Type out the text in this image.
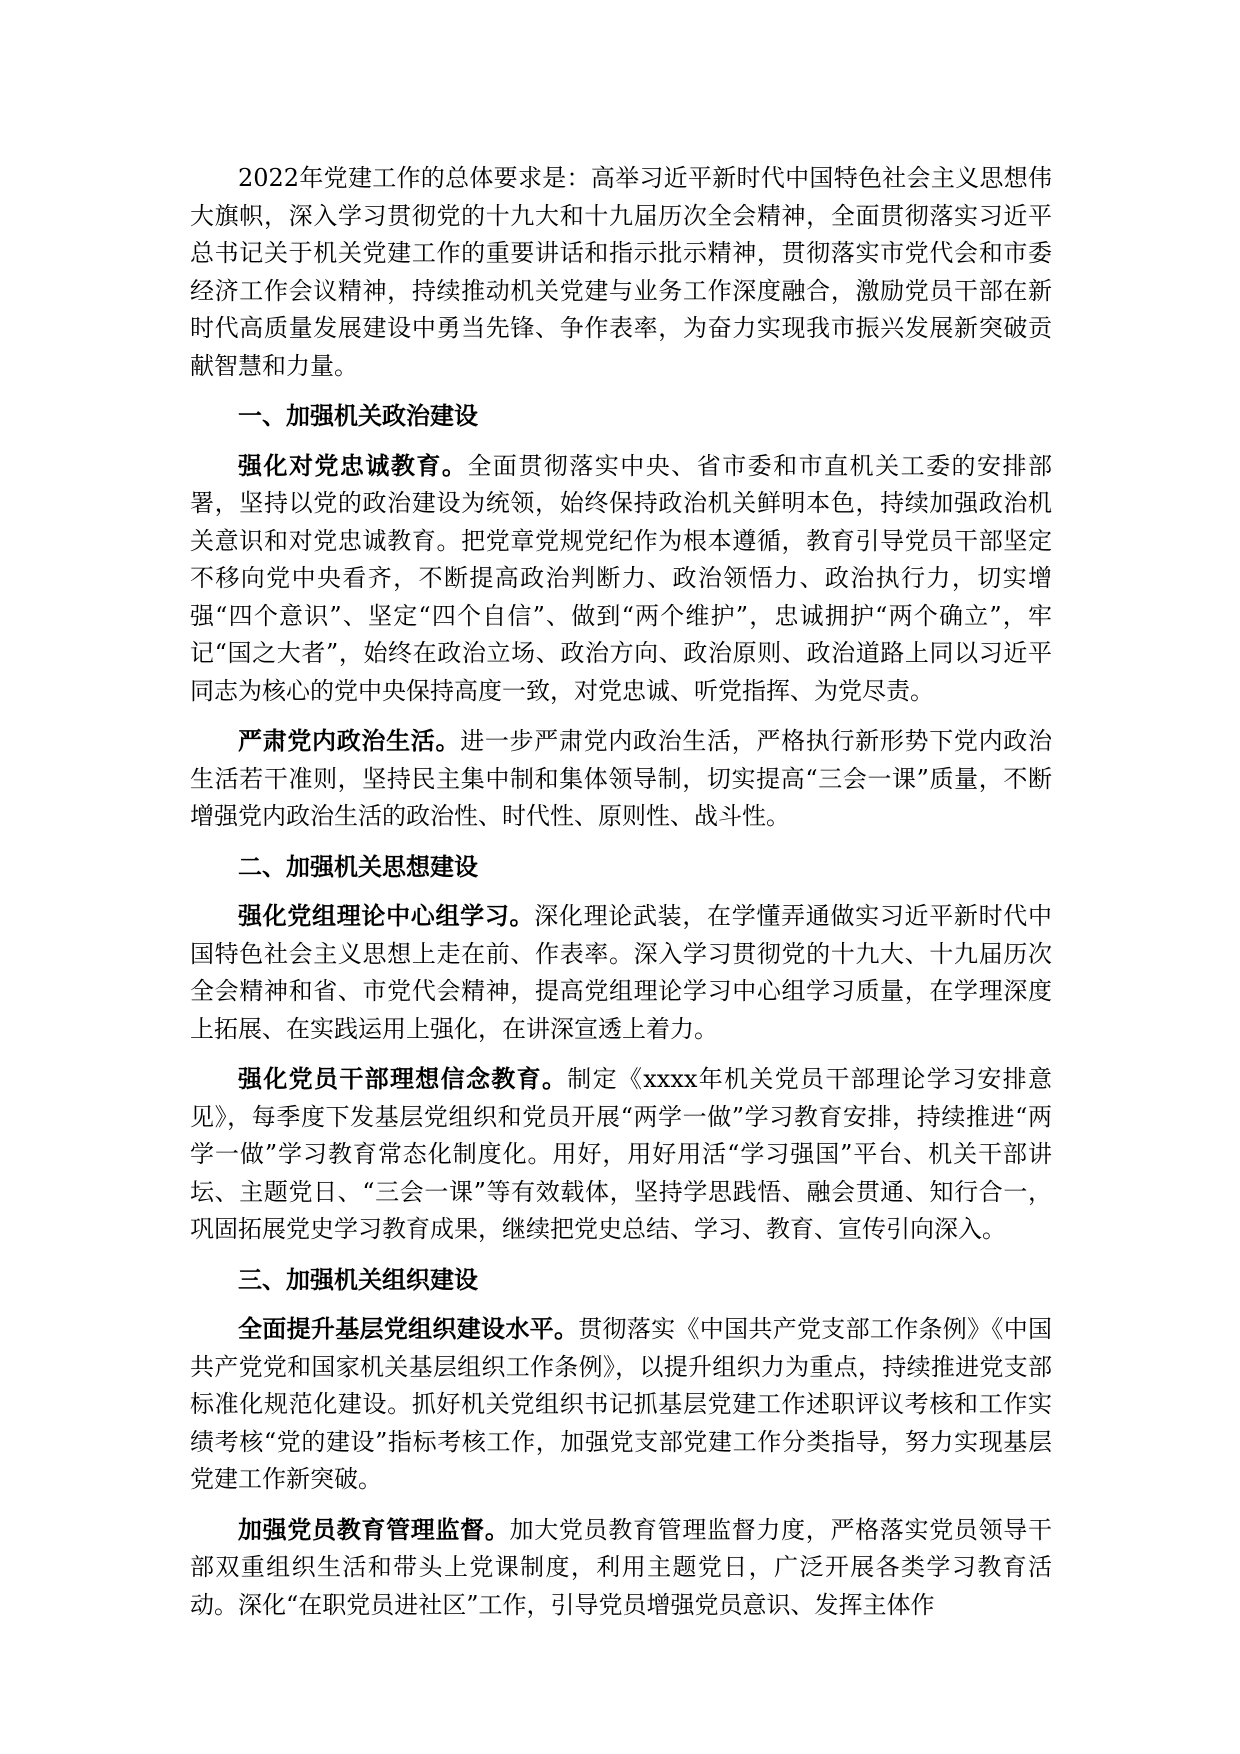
2022年党建工作的总体要求是：高举习近平新时代中国特色社会主义思想伟大旗帜，深入学习贯彻党的十九大和十九届历次全会精神，全面贯彻落实习近平总书记关于机关党建工作的重要讲话和指示批示精神，贯彻落实市党代会和市委经济工作会议精神，持续推动机关党建与业务工作深度融合，激励党员干部在新时代高质量发展建设中勇当先锋、争作表率，为奋力实现我市振兴发展新突破贡献智慧和力量。

一、加强机关政治建设

强化对党忠诚教育。全面贯彻落实中央、省市委和市直机关工委的安排部署，坚持以党的政治建设为统领，始终保持政治机关鲜明本色，持续加强政治机关意识和对党忠诚教育。把党章党规党纪作为根本遵循，教育引导党员干部坚定不移向党中央看齐，不断提高政治判断力、政治领悟力、政治执行力，切实增强“四个意识”、坚定“四个自信”、做到“两个维护”，忠诚拥护“两个确立”，牢记“国之大者”，始终在政治立场、政治方向、政治原则、政治道路上同以习近平同志为核心的党中央保持高度一致，对党忠诚、听党指挥、为党尽责。

严肃党内政治生活。进一步严肃党内政治生活，严格执行新形势下党内政治生活若干准则，坚持民主集中制和集体领导制，切实提高“三会一课”质量，不断增强党内政治生活的政治性、时代性、原则性、战斗性。

二、加强机关思想建设

强化党组理论中心组学习。深化理论武装，在学懂弄通做实习近平新时代中国特色社会主义思想上走在前、作表率。深入学习贯彻党的十九大、十九届历次全会精神和省、市党代会精神，提高党组理论学习中心组学习质量，在学理深度上拓展、在实践运用上强化，在讲深宣透上着力。

强化党员干部理想信念教育。制定《xxxx年机关党员干部理论学习安排意见》，每季度下发基层党组织和党员开展“两学一做”学习教育安排，持续推进“两学一做”学习教育常态化制度化。用好，用好用活“学习强国”平台、机关干部讲坛、主题党日、“三会一课”等有效载体，坚持学思践悟、融会贯通、知行合一，巩固拓展党史学习教育成果，继续把党史总结、学习、教育、宣传引向深入。

三、加强机关组织建设

全面提升基层党组织建设水平。贯彻落实《中国共产党支部工作条例》《中国共产党党和国家机关基层组织工作条例》，以提升组织力为重点，持续推进党支部标准化规范化建设。抓好机关党组织书记抓基层党建工作述职评议考核和工作实绩考核“党的建设”指标考核工作，加强党支部党建工作分类指导，努力实现基层党建工作新突破。

加强党员教育管理监督。加大党员教育管理监督力度，严格落实党员领导干部双重组织生活和带头上党课制度，利用主题党日，广泛开展各类学习教育活动。深化“在职党员进社区”工作，引导党员增强党员意识、发挥主体作
